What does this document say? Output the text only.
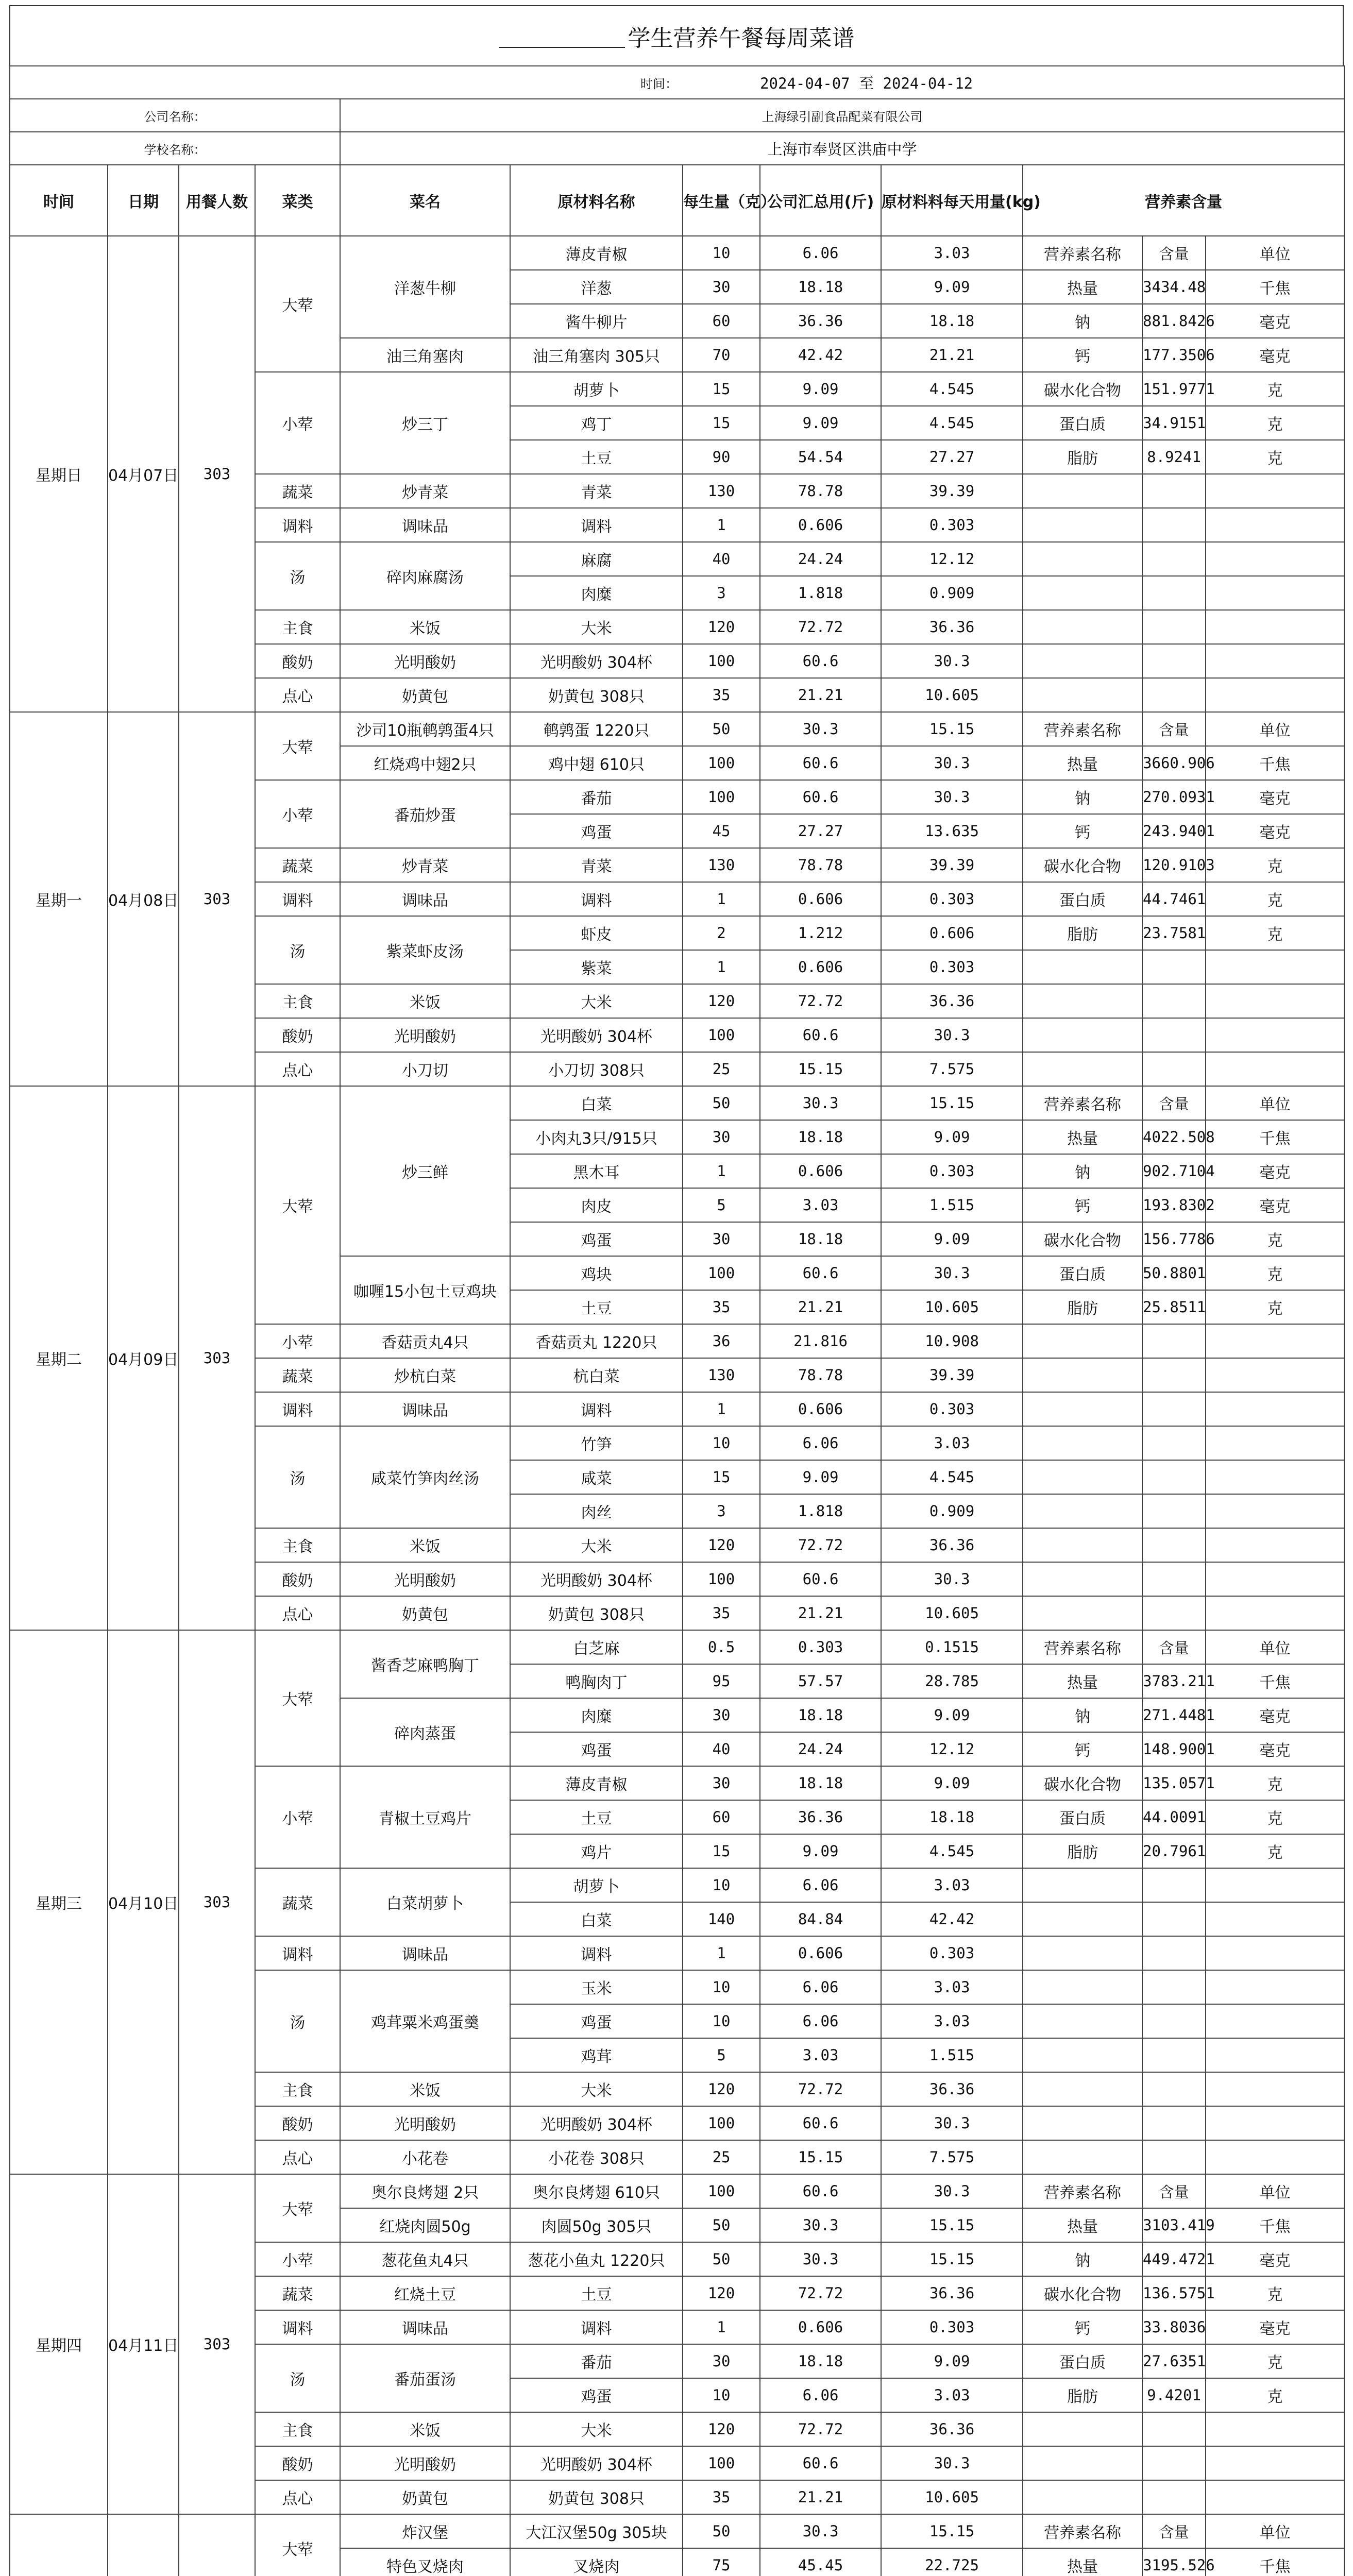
学生营养午餐每周菜谱
时间：						2024-04-07 至 2024-04-12					
公司名称：				上海绿引副食品配菜有限公司							
学校名称：				上海市奉贤区洪庙中学							
时间	日期	用餐人数	菜类	菜名	原材料名称	每生量（克）	公司汇总用(斤)	原材料料每天用量(kg)	营养素含量		
星期日	04月07日	303	大荤	洋葱牛柳	薄皮青椒	10	6.06	3.03	营养素名称	含量	单位
					洋葱	30	18.18	9.09	热量	3434.48	千焦
					酱牛柳片	60	36.36	18.18	钠	881.8426	毫克
				油三角塞肉	油三角塞肉 305只	70	42.42	21.21	钙	177.3506	毫克
			小荤	炒三丁	胡萝卜	15	9.09	4.545	碳水化合物	151.9771	克
					鸡丁	15	9.09	4.545	蛋白质	34.9151	克
					土豆	90	54.54	27.27	脂肪	8.9241	克
			蔬菜	炒青菜	青菜	130	78.78	39.39			
			调料	调味品	调料	1	0.606	0.303			
			汤	碎肉麻腐汤	麻腐	40	24.24	12.12			
					肉糜	3	1.818	0.909			
			主食	米饭	大米	120	72.72	36.36			
			酸奶	光明酸奶	光明酸奶 304杯	100	60.6	30.3			
			点心	奶黄包	奶黄包 308只	35	21.21	10.605			
星期一	04月08日	303	大荤	沙司10瓶鹌鹑蛋4只	鹌鹑蛋 1220只	50	30.3	15.15	营养素名称	含量	单位
				红烧鸡中翅2只	鸡中翅 610只	100	60.6	30.3	热量	3660.906	千焦
			小荤	番茄炒蛋	番茄	100	60.6	30.3	钠	270.0931	毫克
					鸡蛋	45	27.27	13.635	钙	243.9401	毫克
			蔬菜	炒青菜	青菜	130	78.78	39.39	碳水化合物	120.9103	克
			调料	调味品	调料	1	0.606	0.303	蛋白质	44.7461	克
			汤	紫菜虾皮汤	虾皮	2	1.212	0.606	脂肪	23.7581	克
					紫菜	1	0.606	0.303			
			主食	米饭	大米	120	72.72	36.36			
			酸奶	光明酸奶	光明酸奶 304杯	100	60.6	30.3			
			点心	小刀切	小刀切 308只	25	15.15	7.575			
星期二	04月09日	303	大荤	炒三鲜	白菜	50	30.3	15.15	营养素名称	含量	单位
					小肉丸3只/915只	30	18.18	9.09	热量	4022.508	千焦
					黑木耳	1	0.606	0.303	钠	902.7104	毫克
					肉皮	5	3.03	1.515	钙	193.8302	毫克
					鸡蛋	30	18.18	9.09	碳水化合物	156.7786	克
				咖喱15小包土豆鸡块	鸡块	100	60.6	30.3	蛋白质	50.8801	克
					土豆	35	21.21	10.605	脂肪	25.8511	克
			小荤	香菇贡丸4只	香菇贡丸 1220只	36	21.816	10.908			
			蔬菜	炒杭白菜	杭白菜	130	78.78	39.39			
			调料	调味品	调料	1	0.606	0.303			
			汤	咸菜竹笋肉丝汤	竹笋	10	6.06	3.03			
					咸菜	15	9.09	4.545			
					肉丝	3	1.818	0.909			
			主食	米饭	大米	120	72.72	36.36			
			酸奶	光明酸奶	光明酸奶 304杯	100	60.6	30.3			
			点心	奶黄包	奶黄包 308只	35	21.21	10.605			
星期三	04月10日	303	大荤	酱香芝麻鸭胸丁	白芝麻	0.5	0.303	0.1515	营养素名称	含量	单位
					鸭胸肉丁	95	57.57	28.785	热量	3783.211	千焦
				碎肉蒸蛋	肉糜	30	18.18	9.09	钠	271.4481	毫克
					鸡蛋	40	24.24	12.12	钙	148.9001	毫克
			小荤	青椒土豆鸡片	薄皮青椒	30	18.18	9.09	碳水化合物	135.0571	克
					土豆	60	36.36	18.18	蛋白质	44.0091	克
					鸡片	15	9.09	4.545	脂肪	20.7961	克
			蔬菜	白菜胡萝卜	胡萝卜	10	6.06	3.03			
					白菜	140	84.84	42.42			
			调料	调味品	调料	1	0.606	0.303			
			汤	鸡茸粟米鸡蛋羹	玉米	10	6.06	3.03			
					鸡蛋	10	6.06	3.03			
					鸡茸	5	3.03	1.515			
			主食	米饭	大米	120	72.72	36.36			
			酸奶	光明酸奶	光明酸奶 304杯	100	60.6	30.3			
			点心	小花卷	小花卷 308只	25	15.15	7.575			
星期四	04月11日	303	大荤	奥尔良烤翅 2只	奥尔良烤翅 610只	100	60.6	30.3	营养素名称	含量	单位
				红烧肉圆50g	肉圆50g 305只	50	30.3	15.15	热量	3103.419	千焦
			小荤	葱花鱼丸4只	葱花小鱼丸 1220只	50	30.3	15.15	钠	449.4721	毫克
			蔬菜	红烧土豆	土豆	120	72.72	36.36	碳水化合物	136.5751	克
			调料	调味品	调料	1	0.606	0.303	钙	33.8036	毫克
			汤	番茄蛋汤	番茄	30	18.18	9.09	蛋白质	27.6351	克
					鸡蛋	10	6.06	3.03	脂肪	9.4201	克
			主食	米饭	大米	120	72.72	36.36			
			酸奶	光明酸奶	光明酸奶 304杯	100	60.6	30.3			
			点心	奶黄包	奶黄包 308只	35	21.21	10.605			
			大荤	炸汉堡	大江汉堡50g 305块	50	30.3	15.15	营养素名称	含量	单位
				特色叉烧肉	叉烧肉	75	45.45	22.725	热量	3195.526	千焦
